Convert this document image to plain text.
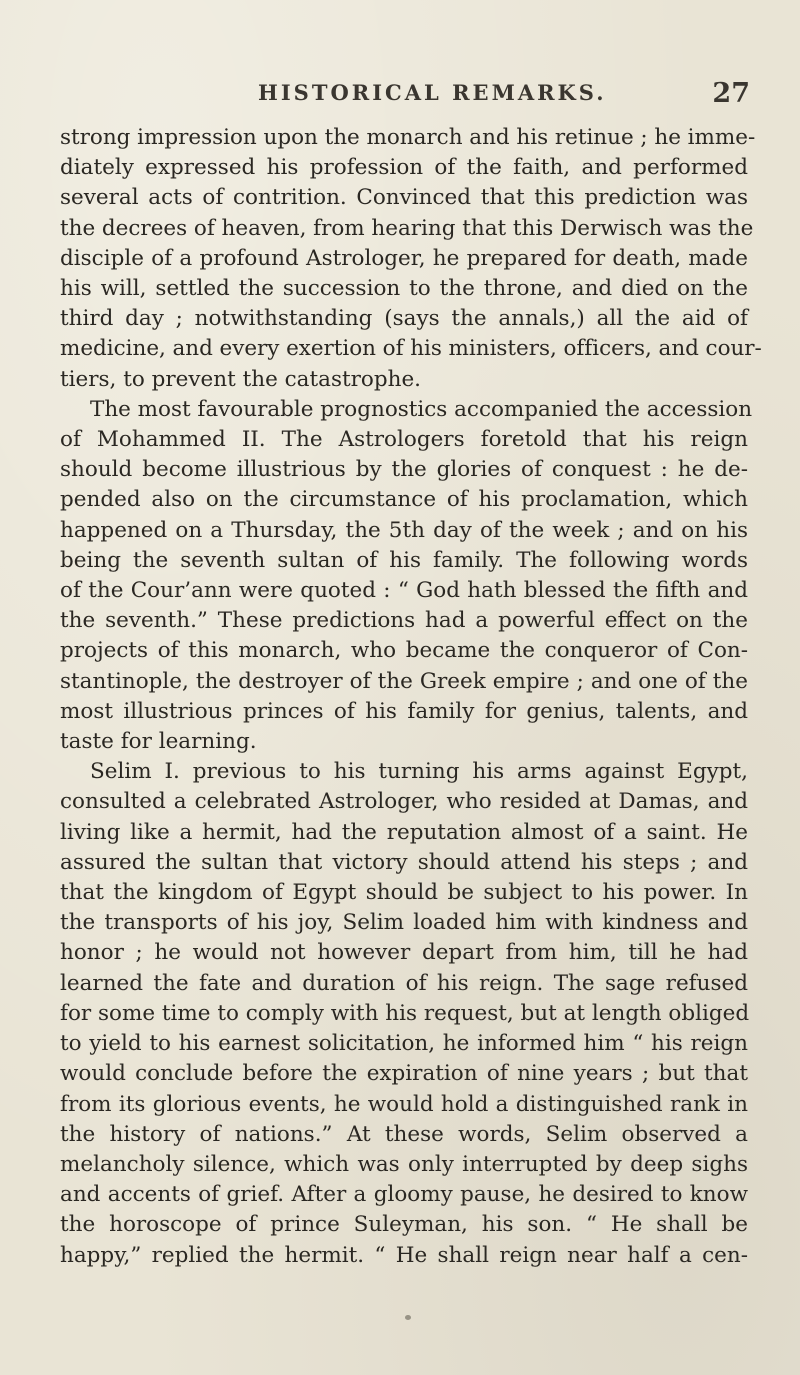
HISTORICAL REMARKS.	27
strong impression upon the monarch and his retinue ; he imme-
diately expressed his profession of the faith, and performed
several acts of contrition. Convinced that this prediction was
the decrees of heaven, from hearing that this Derwisch was the
disciple of a profound Astrologer, he prepared for death, made
his will, settled the succession to the throne, and died on the
third day ; notwithstanding (says the annals,) all the aid of
medicine, and every exertion of his ministers, officers, and cour-
tiers, to prevent the catastrophe.
The most favourable prognostics accompanied the accession
of Mohammed II. The Astrologers foretold that his reign
should become illustrious by the glories of conquest : he de-
pended also on the circumstance of his proclamation, which
happened on a Thursday, the 5th day of the week ; and on his
being the seventh sultan of his family. The following words
of the Cour’ann were quoted : “ God hath blessed the fifth and
the seventh.” These predictions had a powerful effect on the
projects of this monarch, who became the conqueror of Con-
stantinople, the destroyer of the Greek empire ; and one of the
most illustrious princes of his family for genius, talents, and
taste for learning.
Selim I. previous to his turning his arms against Egypt,
consulted a celebrated Astrologer, who resided at Damas, and
living like a hermit, had the reputation almost of a saint. He
assured the sultan that victory should attend his steps ; and
that the kingdom of Egypt should be subject to his power. In
the transports of his joy, Selim loaded him with kindness and
honor ; he would not however depart from him, till he had
learned the fate and duration of his reign. The sage refused
for some time to comply with his request, but at length obliged
to yield to his earnest solicitation, he informed him “ his reign
would conclude before the expiration of nine years ; but that
from its glorious events, he would hold a distinguished rank in
the history of nations.” At these words, Selim observed a
melancholy silence, which was only interrupted by deep sighs
and accents of grief. After a gloomy pause, he desired to know
the horoscope of prince Suleyman, his son. “ He shall be
happy,” replied the hermit. “ He shall reign near half a cen-
